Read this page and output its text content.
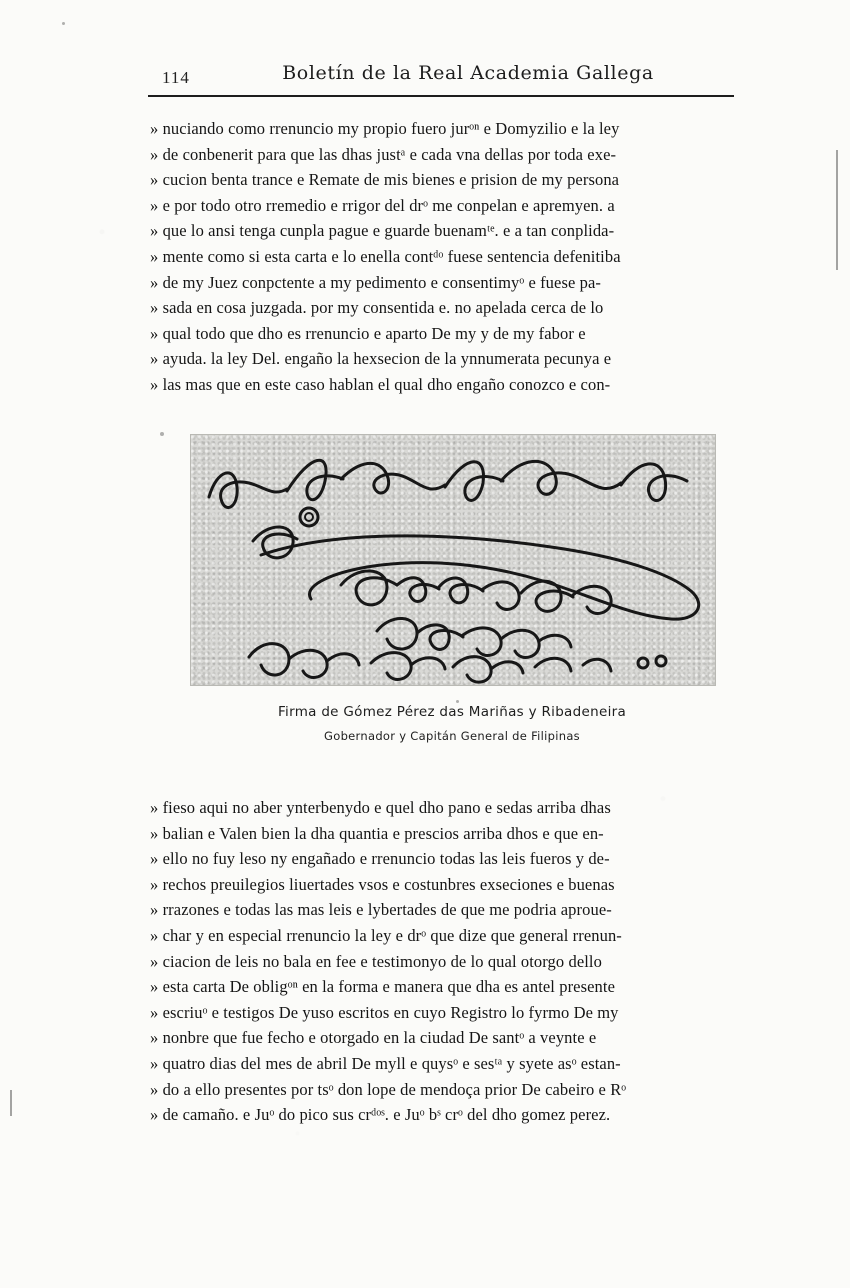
114	Boletín de la Real Academia Gallega
» nuciando como rrenuncio my propio fuero jurᵒⁿ e Domyzilio e la ley
» de conbenerit para que las dhas justᵃ e cada vna dellas por toda exe-
» cucion benta trance e Remate de mis bienes e prision de my persona
» e por todo otro rremedio e rrigor del drᵒ me conpelan e apremyen. a
» que lo ansi tenga cunpla pague e guarde buenamᵗᵉ. e a tan conplida-
» mente como si esta carta e lo enella contᵈᵒ fuese sentencia defenitiba
» de my Juez conpctente a my pedimento e consentimyᵒ e fuese pa-
» sada en cosa juzgada. por my consentida e. no apelada cerca de lo
» qual todo que dho es rrenuncio e aparto De my y de my fabor e
» ayuda. la ley Del. engaño la hexsecion de la ynnumerata pecunya e
» las mas que en este caso hablan el qual dho engaño conozco e con-
Firma de Gómez Pérez das Mariñas y Ribadeneira
Gobernador y Capitán General de Filipinas
» fieso aqui no aber ynterbenydo e quel dho pano e sedas arriba dhas
» balian e Valen bien la dha quantia e prescios arriba dhos e que en-
» ello no fuy leso ny engañado e rrenuncio todas las leis fueros y de-
» rechos preuilegios liuertades vsos e costunbres exseciones e buenas
» rrazones e todas las mas leis e lybertades de que me podria aproue-
» char y en especial rrenuncio la ley e drᵒ que dize que general rrenun-
» ciacion de leis no bala en fee e testimonyo de lo qual otorgo dello
» esta carta De obligᵒⁿ en la forma e manera que dha es antel presente
» escriuᵒ e testigos De yuso escritos en cuyo Registro lo fyrmo De my
» nonbre que fue fecho e otorgado en la ciudad De santᵒ a veynte e
» quatro dias del mes de abril De myll e quysᵒ e sesᵗᵃ y syete asᵒ estan-
» do a ello presentes por tsᵒ don lope de mendoça prior De cabeiro e Rᵒ
» de camaño. e Juᵒ do pico sus crᵈᵒˢ. e Juᵒ bˢ crᵒ del dho gomez perez.
